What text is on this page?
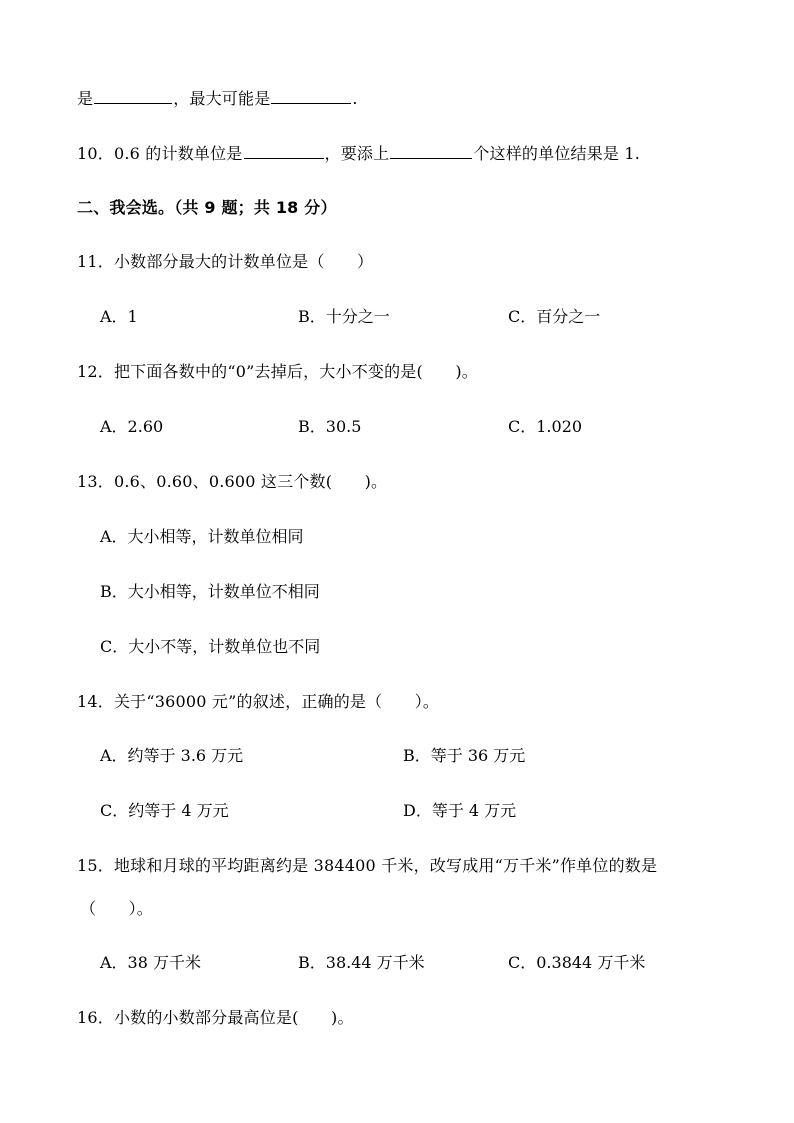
是	，最大可能是	.
10．0.6 的计数单位是	，要添上	个这样的单位结果是 1.
二、我会选。（共 9 题；共 18 分）
11．小数部分最大的计数单位是（　　）
A．1	B．十分之一	C．百分之一
12．把下面各数中的“0”去掉后，大小不变的是(　　)。
A．2.60	B．30.5	C．1.020
13．0.6、0.60、0.600 这三个数(　　)。
A．大小相等，计数单位相同
B．大小相等，计数单位不相同
C．大小不等，计数单位也不同
14．关于“36000 元”的叙述，正确的是（　　）。
A．约等于 3.6 万元	B．等于 36 万元
C．约等于 4 万元	D．等于 4 万元
15．地球和月球的平均距离约是 384400 千米，改写成用“万千米”作单位的数是
（　　）。
A．38 万千米	B．38.44 万千米	C．0.3844 万千米
16．小数的小数部分最高位是(　　)。
